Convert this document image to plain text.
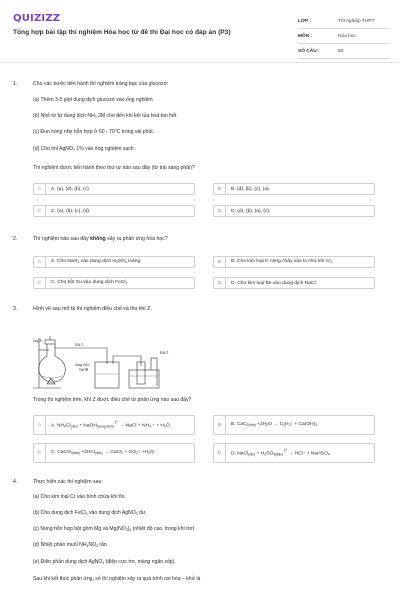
QUIZIZZ
Tổng hợp bài tập thí nghiệm Hóa học từ đề thi Đại học có đáp án (P3)
LỚP :	Tốt nghiệp THPT
MÔN :	Hóa học
SỐ CÂU :	50
1.	Cho các bước tiến hành thí nghiệm tráng bạc của glucozơ:
(a) Thêm 3-5 giọt dung dịch glucozơ vào ống nghiệm.
(b) Nhỏ từ từ dung dịch $NH_3$ 2M cho đến khi kết tủa hoà tan hết.
(c) Đun nóng nhẹ hỗn hợp ở 60 - 70°C trong vài phút.
(d) Cho lml AgNO₃ 1% vào ống nghiệm sạch .
Thí nghiệm được tiến hành theo thứ tự nào sau đây (từ trái sang phải)?
A	A. (a), (d), (b), (c).	B	B. (d), (b), (c), (a).
C	C. (a), (b), (c), (d).	D	D. (d), (b), (a), (c).
2.	Thí nghiệm nào sau đây không xảy ra phản ứng hóa học?
A	A. Cho NaO$_2$ vào dung dịch $H_2SO_4$ loãng.	B	B. Cho kim loại K nóng chảy vào lọ chứ khí $Cl_2$
C	C. Cho bột Cu vào dung dịch FeCl$_3$	D	D. Cho kim loại Be vào dung dịch NaCl.
3.	Hình vẽ sau mô tả thí nghiệm điều chế và thu khí Z.
ống X
Khí Z
dung dịch
NaOH
Khí Z
Trong thí nghiệm trên, khí Z được điều chế từ phản ứng nào sau đây?
A	A. $NH_4Cl_{(rắn)}$ + NaOH$_{(dung dịch)}$ $^{t^\circ}$ → NaCl + $NH_3$ ↑ + $H_2O$.	B	B. $CaC_{2(rắn)} +2H_2O$ → $C_2H_2↑ + Ca(OH)_2$
C	C. CaCO$_{3(rắn)}$ +2HCl$_{(đặc)}$ → CaCl$_2$ + $CO_2↑ +H_2O$	D	D. NaCl$_{(rắn)}$ + $H_2SO_{4(đặc)}$ $^{t^\circ}$ → HCl↑ + NaHSO$_4$
4.	Thực hiện các thí nghiệm sau:
(a) Cho kim loại Cr vào bình chứa khí flo.
(b) Cho dung dịch FeCl$_2$ vào dung dịch AgNO$_3$ dư.
(c) Nung hỗn hợp bột gồm Mg và $Mg(NO_3)_2$ (nhiệt độ cao, trong khí trơ).
(d) Nhiệt phân muối $NH_4NO_3$ rắn.
(e) Điện phân dung dịch AgNO$_3$ (điện cực trơ, màng ngăn xốp).
Sau khi kết thúc phản ứng, số thí nghiệm xảy ra quá trình oxi hóa – khử là
